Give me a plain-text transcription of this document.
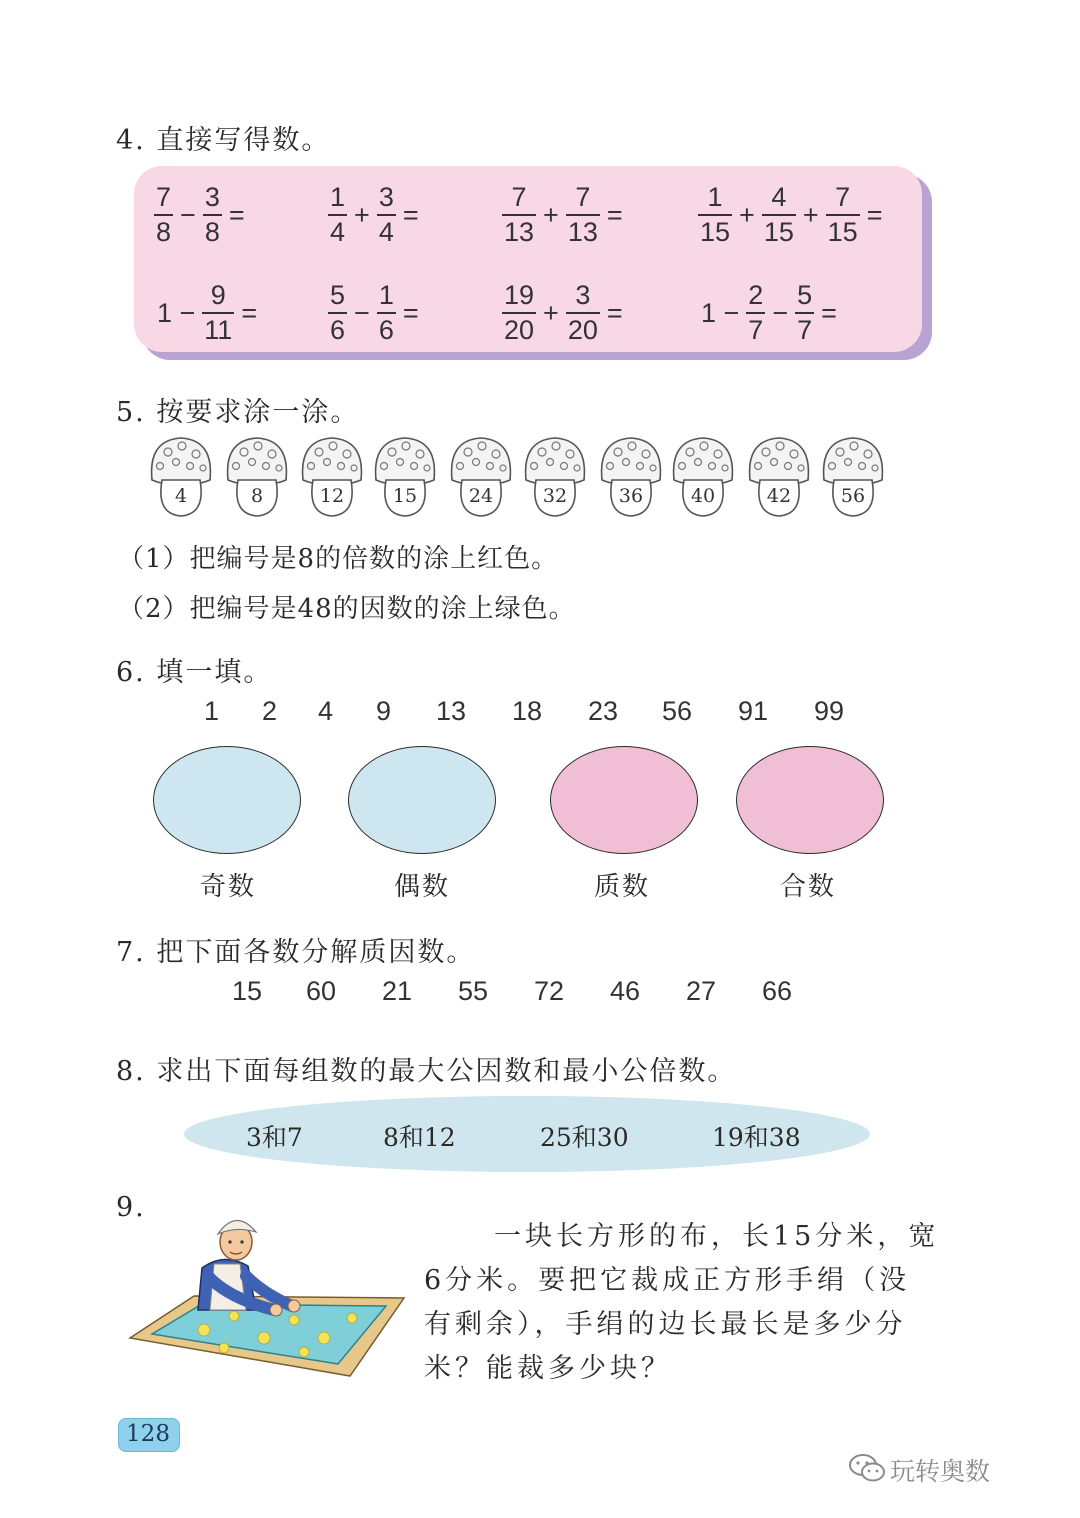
4. 直接写得数。
$\frac{7}{8} - \frac{3}{8}$ =	$\frac{1}{4} + \frac{3}{4}$ =	$\frac{7}{13} + \frac{7}{13}$ =	$\frac{1}{15} + \frac{4}{15} + \frac{7}{15}$ =
$1 - \frac{9}{11}$ =	$\frac{5}{6} - \frac{1}{6}$ =	$\frac{19}{20} + \frac{3}{20}$ =	$1 - \frac{2}{7} - \frac{5}{7}$ =
5. 按要求涂一涂。
4	8	12	15	24	32	36	40	42	56
（1）把编号是8的倍数的涂上红色。
（2）把编号是48的因数的涂上绿色。
6. 填一填。
1 2 4 9 13 18 23 56 91 99
奇数	偶数	质数	合数
7. 把下面各数分解质因数。
15 60 21 55 72 46 27 66
8. 求出下面每组数的最大公因数和最小公倍数。
3和7	8和12	25和30	19和38
9.
一块长方形的布，长15分米，宽
6分米。要把它裁成正方形手绢（没
有剩余），手绢的边长最长是多少分
米？能裁多少块？
128
玩转奥数
